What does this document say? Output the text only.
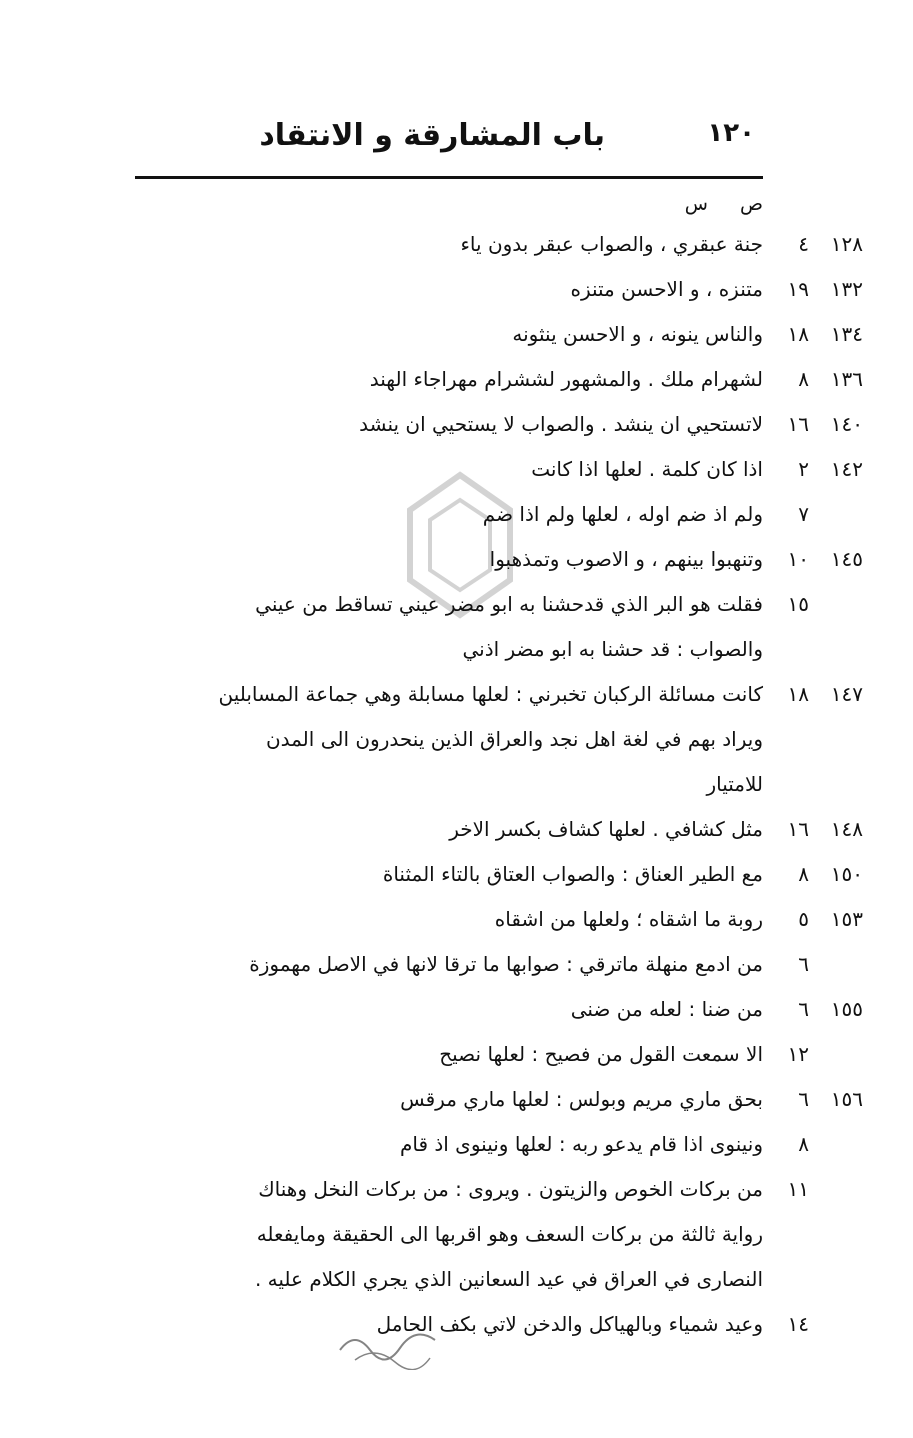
١٢٠
باب المشارقة و الانتقاد
ص
س
١٢٨
٤
جنة عبقري ، والصواب عبقر بدون ياء
١٣٢
١٩
متنزه ، و الاحسن متنزه
١٣٤
١٨
والناس ينونه ، و الاحسن ينثونه
١٣٦
٨
لشهرام ملك . والمشهور لششرام مهراجاء الهند
١٤٠
١٦
لاتستحيي ان ينشد . والصواب لا يستحيي ان ينشد
١٤٢
٢
اذا كان كلمة . لعلها اذا كانت
٧
ولم اذ ضم اوله ، لعلها ولم اذا ضم
١٤٥
١٠
وتنهبوا بينهم ، و الاصوب وتمذهبوا
١٥
فقلت هو البر الذي قدحشنا به ابو مضر عيني تساقط من عيني
والصواب : قد حشنا به ابو مضر اذني
١٤٧
١٨
كانت مسائلة الركبان تخبرني : لعلها مسابلة وهي جماعة المسابلين
ويراد بهم في لغة اهل نجد والعراق الذين ينحدرون الى المدن
للامتيار
١٤٨
١٦
مثل كشافي . لعلها كشاف بكسر الاخر
١٥٠
٨
مع الطير العناق : والصواب العتاق بالتاء المثناة
١٥٣
٥
روبة ما اشقاه ؛ ولعلها من اشقاه
٦
من ادمع منهلة ماترقي : صوابها ما ترقا لانها في الاصل مهموزة
١٥٥
٦
من ضنا : لعله من ضنى
١٢
الا سمعت القول من فصيح : لعلها نصيح
١٥٦
٦
بحق ماري مريم وبولس : لعلها ماري مرقس
٨
ونينوى اذا قام يدعو ربه : لعلها ونينوى اذ قام
١١
من بركات الخوص والزيتون . ويروى : من بركات النخل وهناك
رواية ثالثة من بركات السعف وهو اقربها الى الحقيقة ومايفعله
النصارى في العراق في عيد السعانين الذي يجري الكلام عليه .
١٤
وعيد شمياء وبالهياكل والدخن لاتي بكف الحامل
